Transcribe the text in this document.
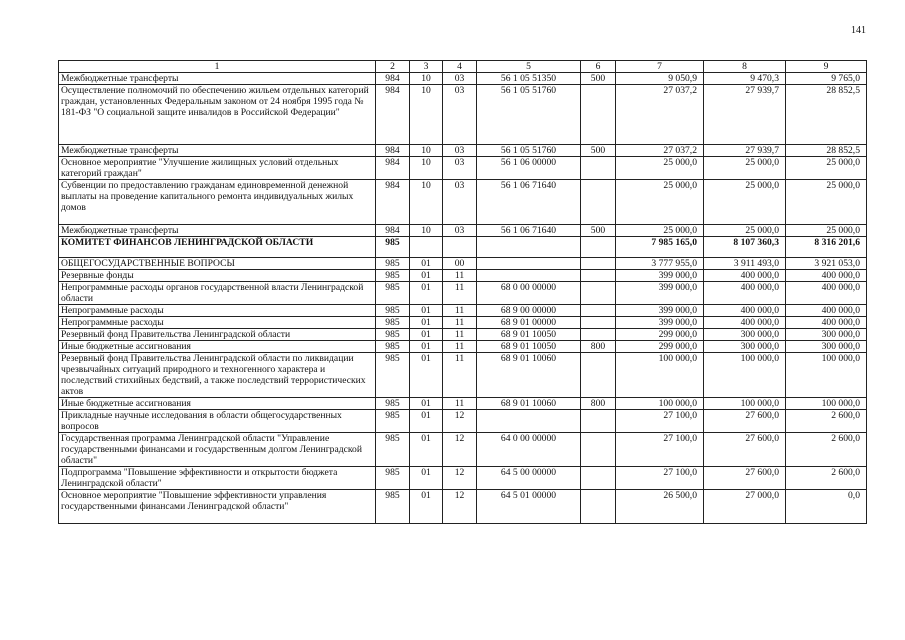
141
1	2	3	4	5	6	7	8	9
Межбюджетные трансферты	984	10	03	56 1 05 51350	500	9 050,9	9 470,3	9 765,0
Осуществление полномочий по обеспечению жильем отдельных категорий граждан, установленных Федеральным законом от 24 ноября 1995 года № 181-ФЗ "О социальной защите инвалидов в Российской Федерации"	984	10	03	56 1 05 51760		27 037,2	27 939,7	28 852,5
Межбюджетные трансферты	984	10	03	56 1 05 51760	500	27 037,2	27 939,7	28 852,5
Основное мероприятие "Улучшение жилищных условий отдельных категорий граждан"	984	10	03	56 1 06 00000		25 000,0	25 000,0	25 000,0
Субвенции по предоставлению гражданам единовременной денежной выплаты на проведение капитального ремонта индивидуальных жилых домов	984	10	03	56 1 06 71640		25 000,0	25 000,0	25 000,0
Межбюджетные трансферты	984	10	03	56 1 06 71640	500	25 000,0	25 000,0	25 000,0
КОМИТЕТ ФИНАНСОВ ЛЕНИНГРАДСКОЙ ОБЛАСТИ	985					7 985 165,0	8 107 360,3	8 316 201,6
ОБЩЕГОСУДАРСТВЕННЫЕ ВОПРОСЫ	985	01	00			3 777 955,0	3 911 493,0	3 921 053,0
Резервные фонды	985	01	11			399 000,0	400 000,0	400 000,0
Непрограммные расходы органов государственной власти Ленинградской области	985	01	11	68 0 00 00000		399 000,0	400 000,0	400 000,0
Непрограммные расходы	985	01	11	68 9 00 00000		399 000,0	400 000,0	400 000,0
Непрограммные расходы	985	01	11	68 9 01 00000		399 000,0	400 000,0	400 000,0
Резервный фонд Правительства Ленинградской области	985	01	11	68 9 01 10050		299 000,0	300 000,0	300 000,0
Иные бюджетные ассигнования	985	01	11	68 9 01 10050	800	299 000,0	300 000,0	300 000,0
Резервный фонд Правительства Ленинградской области по ликвидации чрезвычайных ситуаций природного и техногенного характера и последствий стихийных бедствий, а также последствий террористических актов	985	01	11	68 9 01 10060		100 000,0	100 000,0	100 000,0
Иные бюджетные ассигнования	985	01	11	68 9 01 10060	800	100 000,0	100 000,0	100 000,0
Прикладные научные исследования в области общегосударственных вопросов	985	01	12			27 100,0	27 600,0	2 600,0
Государственная программа Ленинградской области "Управление государственными финансами и государственным долгом Ленинградской области"	985	01	12	64 0 00 00000		27 100,0	27 600,0	2 600,0
Подпрограмма "Повышение эффективности и открытости бюджета Ленинградской области"	985	01	12	64 5 00 00000		27 100,0	27 600,0	2 600,0
Основное мероприятие "Повышение эффективности управления государственными финансами Ленинградской области"	985	01	12	64 5 01 00000		26 500,0	27 000,0	0,0
